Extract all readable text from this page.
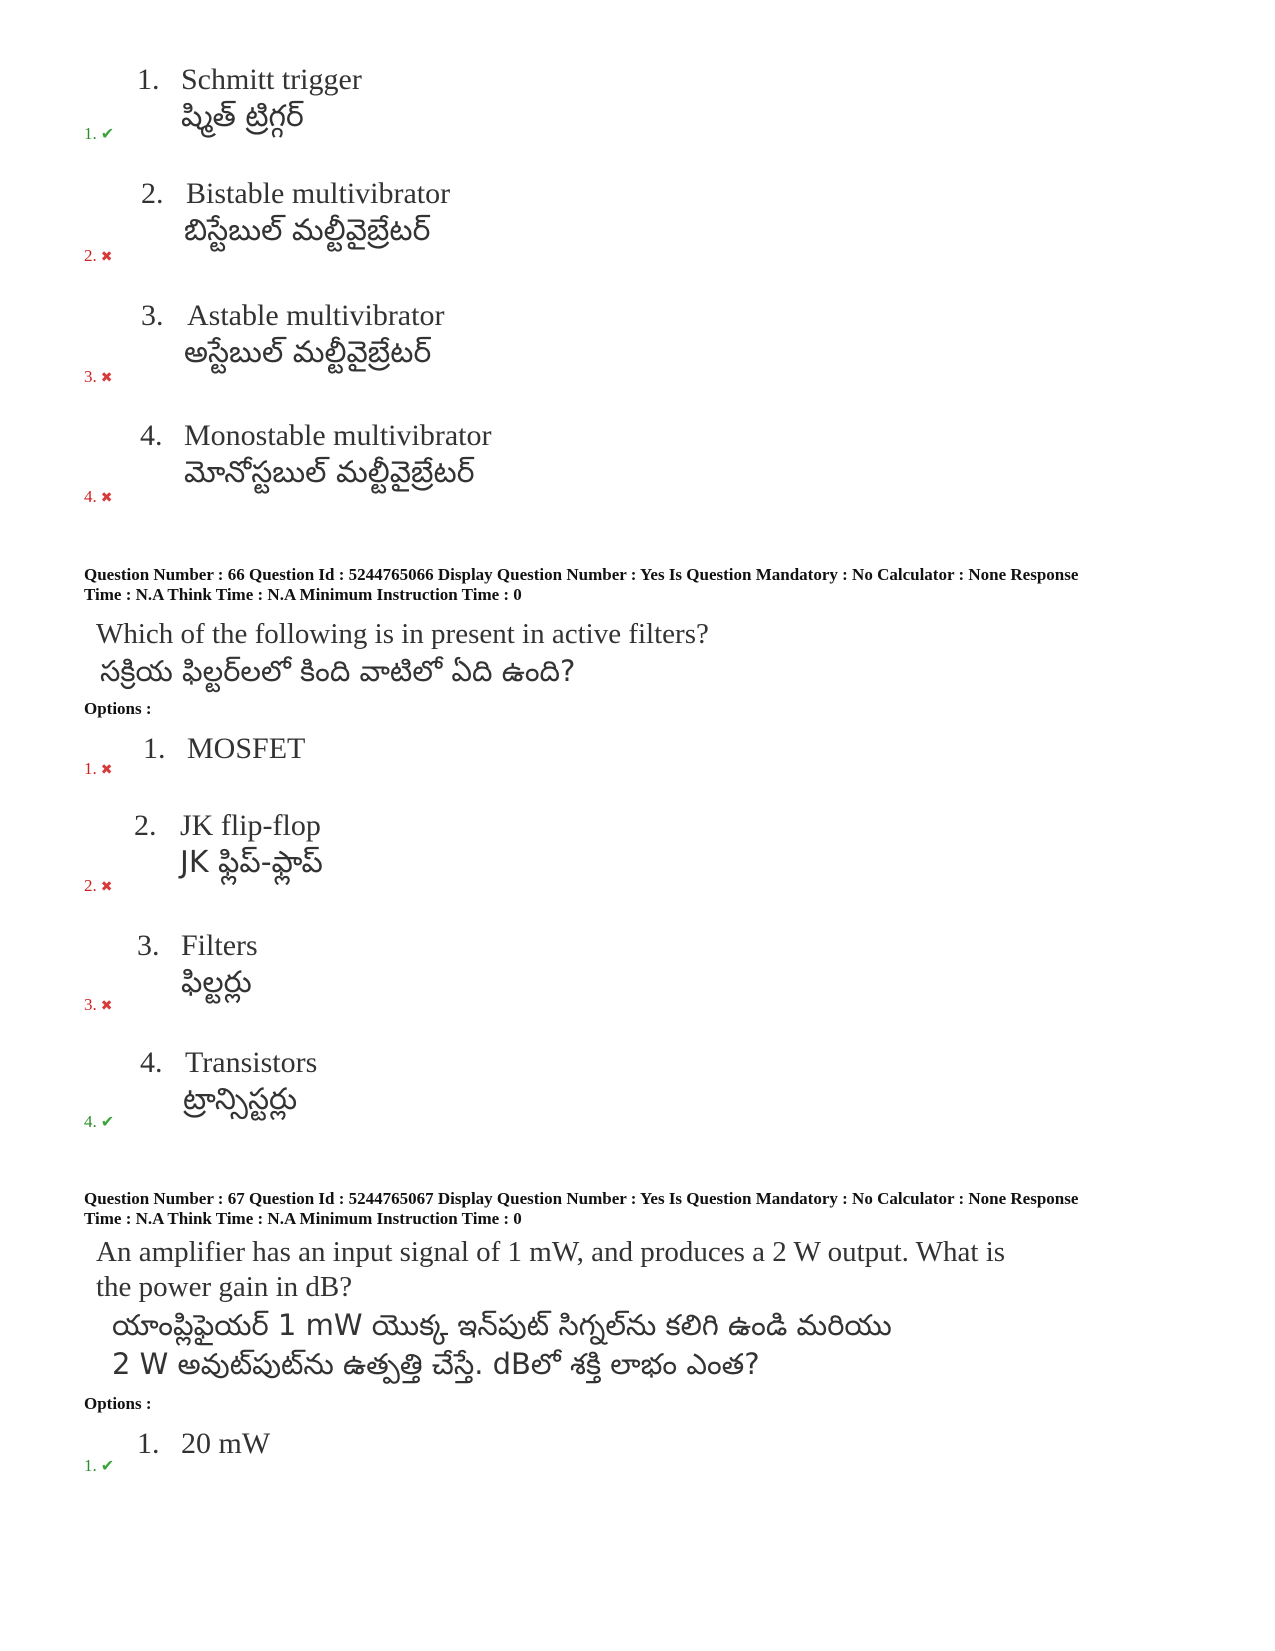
1. Schmitt trigger
ష్మిత్ ట్రిగ్గర్
1. ✔
2. Bistable multivibrator
బిస్టేబుల్ మల్టీవైబ్రేటర్
2. ✖
3. Astable multivibrator
అస్టేబుల్ మల్టీవైబ్రేటర్
3. ✖
4. Monostable multivibrator
మోనోస్టబుల్ మల్టీవైబ్రేటర్
4. ✖
Question Number : 66 Question Id : 5244765066 Display Question Number : Yes Is Question Mandatory : No Calculator : None Response
Time : N.A Think Time : N.A Minimum Instruction Time : 0
Which of the following is in present in active filters?
సక్రియ ఫిల్టర్‌లలో కింది వాటిలో ఏది ఉంది?
Options :
1. MOSFET
1. ✖
2. JK flip-flop
JK ఫ్లిప్-ఫ్లాప్
2. ✖
3. Filters
ఫిల్టర్లు
3. ✖
4. Transistors
ట్రాన్సిస్టర్లు
4. ✔
Question Number : 67 Question Id : 5244765067 Display Question Number : Yes Is Question Mandatory : No Calculator : None Response
Time : N.A Think Time : N.A Minimum Instruction Time : 0
An amplifier has an input signal of 1 mW, and produces a 2 W output. What is
the power gain in dB?
యాంప్లిఫైయర్ 1 mW యొక్క ఇన్‌పుట్ సిగ్నల్‌ను కలిగి ఉండి మరియు
2 W అవుట్‌పుట్‌ను ఉత్పత్తి చేస్తే. dBలో శక్తి లాభం ఎంత?
Options :
1. 20 mW
1. ✔
